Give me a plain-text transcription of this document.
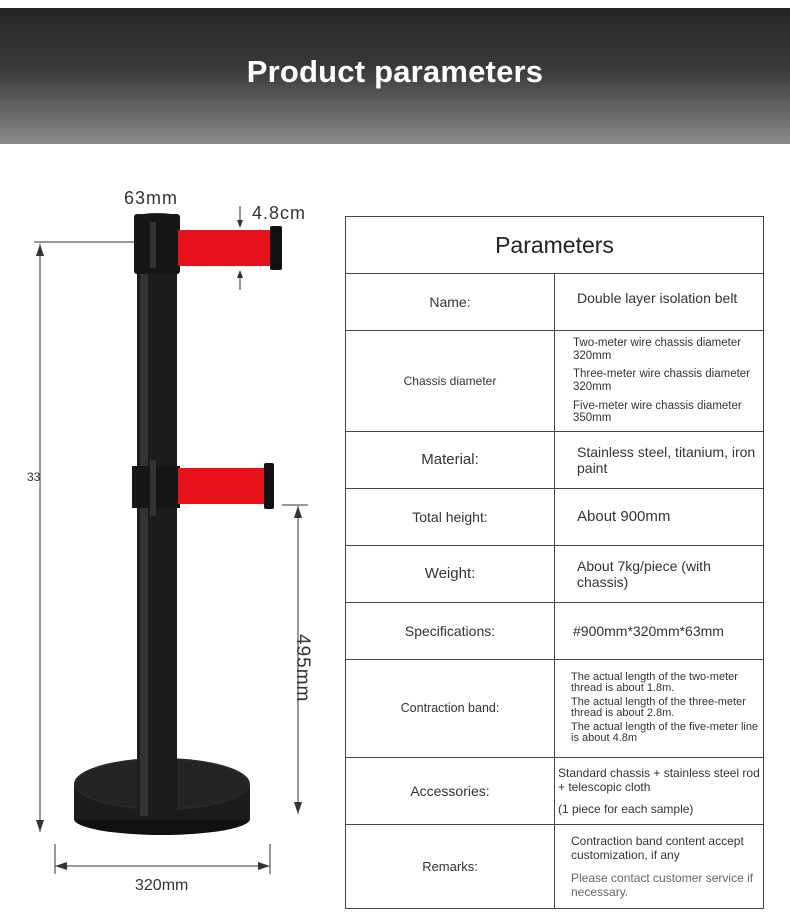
Product parameters
63mm
4.8cm
33
495mm
320mm
Parameters	
Name:	Double layer isolation belt

Chassis diameter	Two-meter wire chassis diameter 320mm
Three-meter wire chassis diameter 320mm
Five-meter wire chassis diameter 350mm

Material:	Stainless steel, titanium, iron paint
Total height:	About 900mm
Weight:	About 7kg/piece (with chassis)
Specifications:	#900mm*320mm*63mm
Contraction band:	The actual length of the two-meter thread is about 1.8m.
The actual length of the three-meter thread is about 2.8m.
The actual length of the five-meter line is about 4.8m

Accessories:	Standard chassis + stainless steel rod + telescopic cloth
(1 piece for each sample)

Remarks:	Contraction band content accept customization, if any
Please contact customer service if necessary.
